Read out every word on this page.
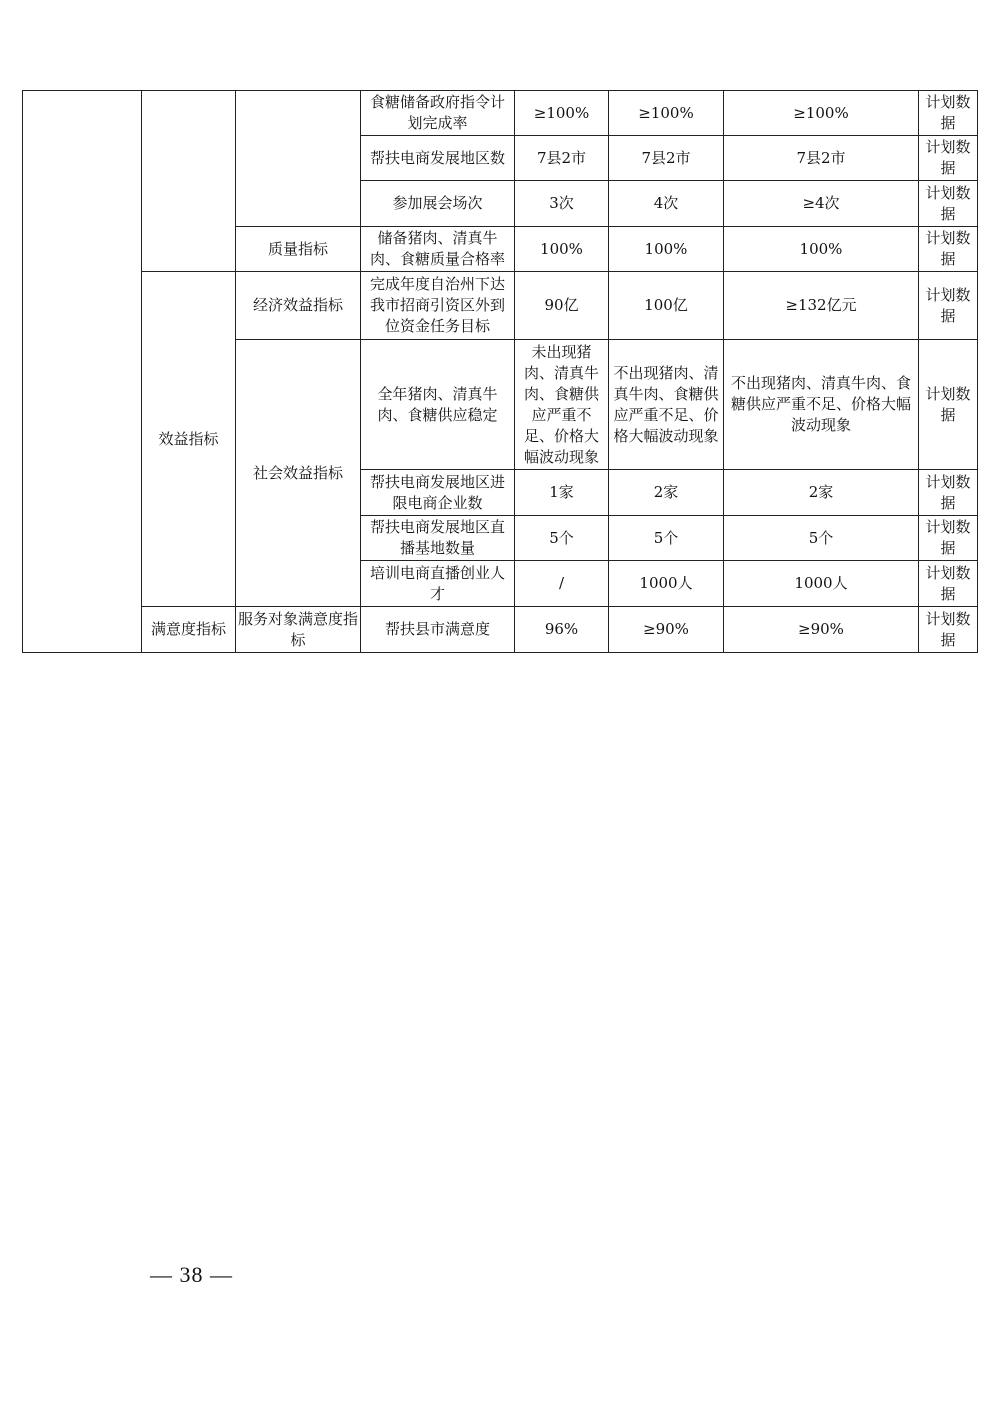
			食糖储备政府指令计划完成率	≥100%	≥100%	≥100%	计划数据
			帮扶电商发展地区数	7县2市	7县2市	7县2市	计划数据
			参加展会场次	3次	4次	≥4次	计划数据
		质量指标	储备猪肉、清真牛肉、食糖质量合格率	100%	100%	100%	计划数据
	效益指标	经济效益指标	完成年度自治州下达我市招商引资区外到位资金任务目标	90亿	100亿	≥132亿元	计划数据
		社会效益指标	全年猪肉、清真牛肉、食糖供应稳定	未出现猪肉、清真牛肉、食糖供应严重不足、价格大幅波动现象	不出现猪肉、清真牛肉、食糖供应严重不足、价格大幅波动现象	不出现猪肉、清真牛肉、食糖供应严重不足、价格大幅波动现象	计划数据
			帮扶电商发展地区进限电商企业数	1家	2家	2家	计划数据
			帮扶电商发展地区直播基地数量	5个	5个	5个	计划数据
			培训电商直播创业人才	/	1000人	1000人	计划数据
	满意度指标	服务对象满意度指标	帮扶县市满意度	96%	≥90%	≥90%	计划数据
— 38 —
